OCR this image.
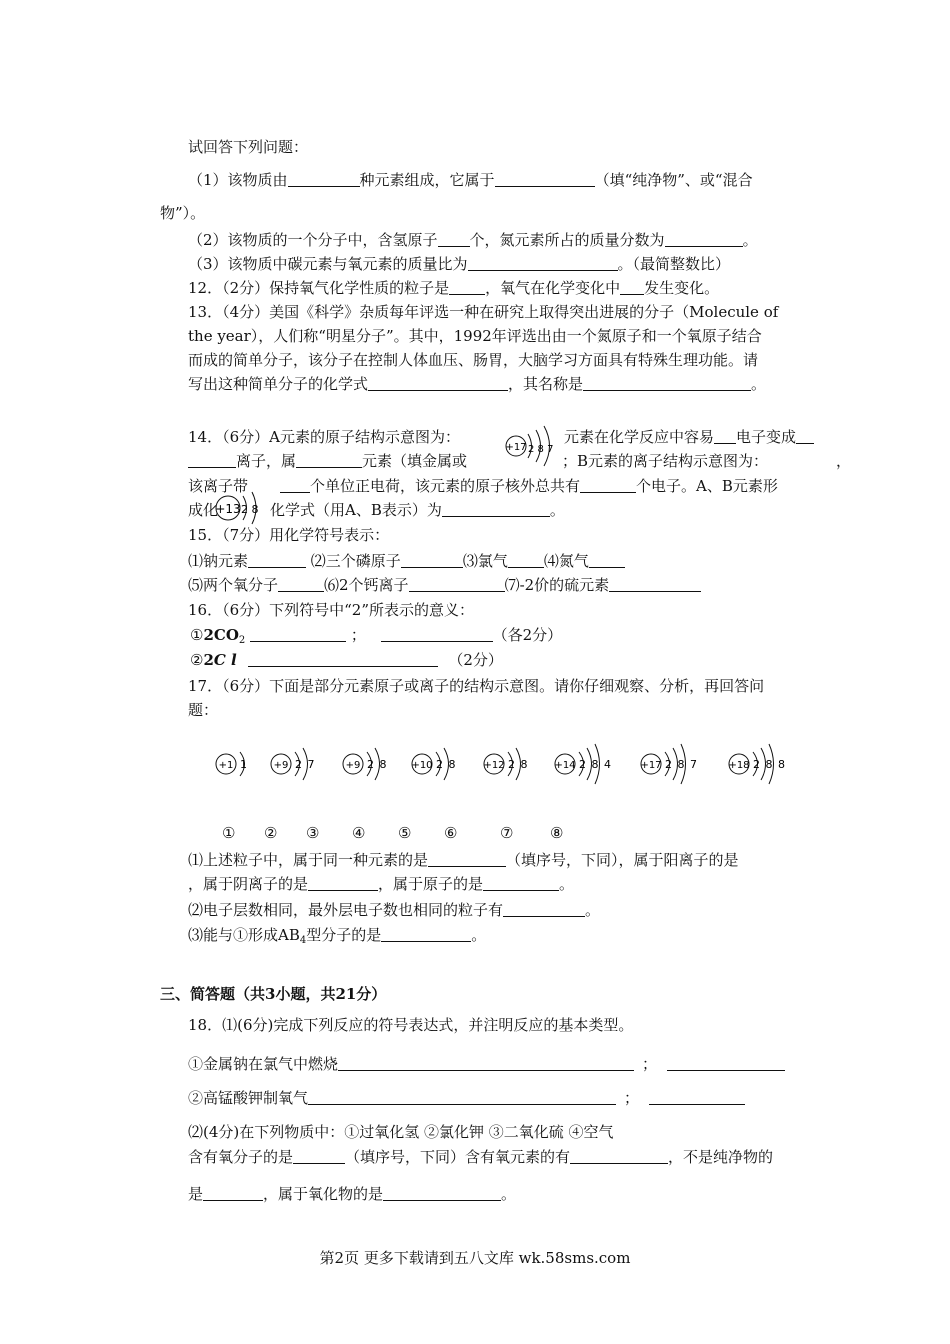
试回答下列问题：
（1）该物质由	种元素组成，它属于	（填“纯净物”、或“混合
物”）。
（2）该物质的一个分子中，含氢原子 个，氮元素所占的质量分数为	。
（3）该物质中碳元素与氧元素的质量比为	。（最简整数比）
12．（2分）保持氧气化学性质的粒子是 ，氧气在化学变化中 发生变化。
13．（4分）美国《科学》杂质每年评选一种在研究上取得突出进展的分子（Molecule of
the year），人们称“明星分子”。其中，1992年评选出由一个氮原子和一个氧原子结合
而成的简单分子，该分子在控制人体血压、肠胃，大脑学习方面具有特殊生理功能。请
写出这种简单分子的化学式	，其名称是	。
14．（6分）A元素的原子结构示意图为：
+17 2 8 7
元素在化学反应中容易 电子变成
离子，属	元素（填金属或	；B元素的离子结构示意图为：	，
该离子带	个单位正电荷，该元素的原子核外总共有	个电子。A、B元素形
成化
+13 2 8 化学式（用A、B表示）为	。
15．（7分）用化学符号表示：
⑴钠元素	⑵三个磷原子	⑶氯气 ⑷氮气
⑸两个氧分子	⑹2个钙离子	⑺-2价的硫元素
16．（6分）下列符号中“2”所表示的意义：
$①2CO_2$	；	（各2分）
②2C l	（2分）
17．（6分）下面是部分元素原子或离子的结构示意图。请你仔细观察、分析，再回答问
题：
+1 1	+9 2 7	+9 2 8 +10 2 8	+12 2 8	+14 2 8 4	+17 2 8 7	+18 2 8 8
① ② ③ ④ ⑤ ⑥	⑦ ⑧
⑴上述粒子中，属于同一种元素的是	（填序号，下同），属于阳离子的是
，属于阴离子的是	，属于原子的是	。
⑵电子层数相同，最外层电子数也相同的粒子有	。
⑶能与①形成$AB_4$型分子的是	。
三、简答题（共3小题，共21分）
18．⑴(6分)完成下列反应的符号表达式，并注明反应的基本类型。
①金属钠在氯气中燃烧	；
②高锰酸钾制氧气	；
⑵(4分)在下列物质中：①过氧化氢 ②氯化钾 ③二氧化硫 ④空气
含有氧分子的是	（填序号，下同）含有氧元素的有	，不是纯净物的
是	，属于氧化物的是	。
第2页 更多下载请到五八文库 wk.58sms.com
